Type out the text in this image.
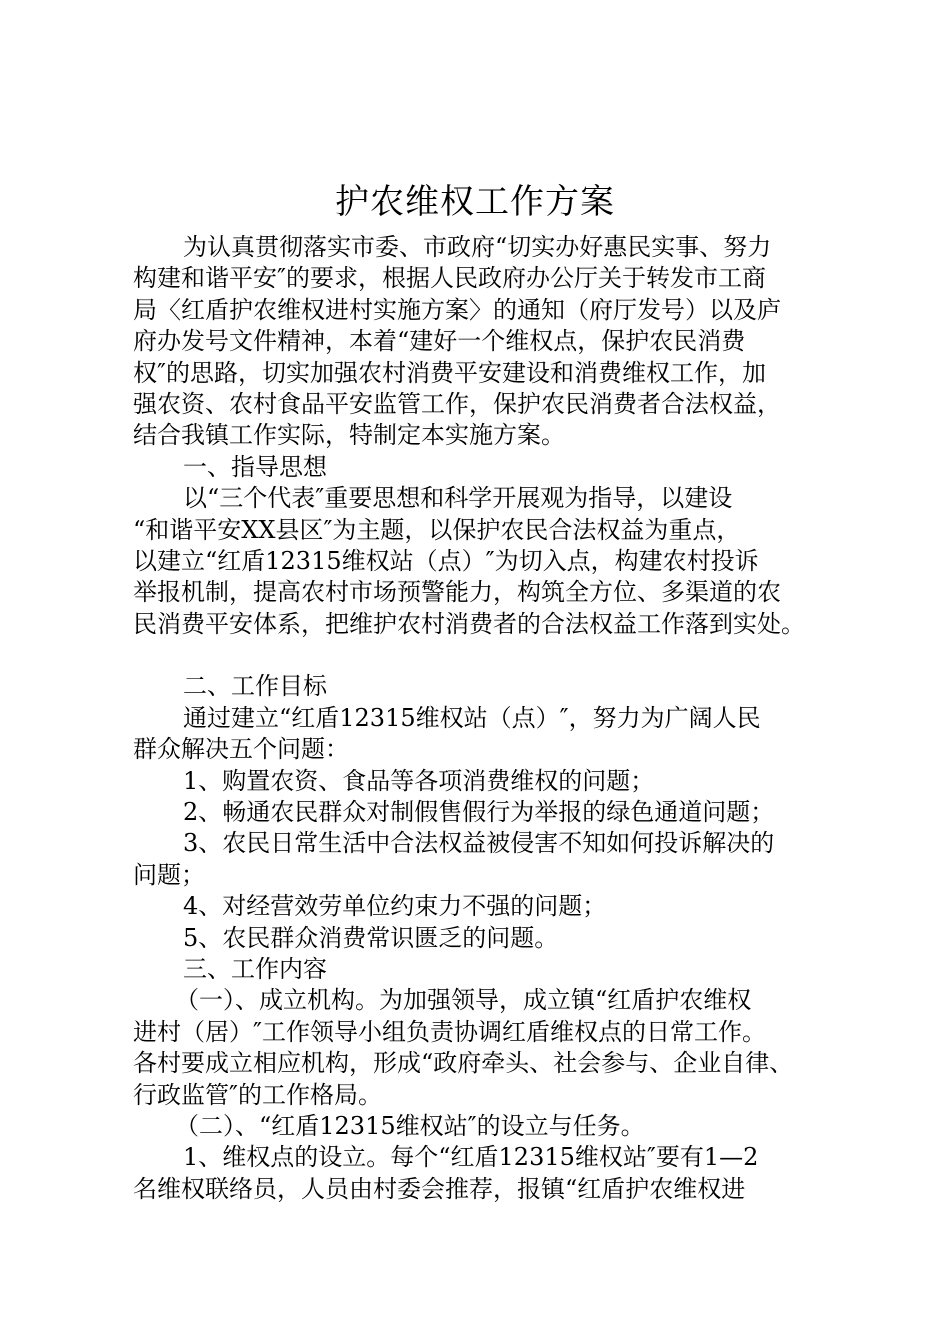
护农维权工作方案
为认真贯彻落实市委、市政府“切实办好惠民实事、努力
构建和谐平安″的要求，根据人民政府办公厅关于转发市工商
局〈红盾护农维权进村实施方案〉的通知（府厅发号）以及庐
府办发号文件精神，本着“建好一个维权点，保护农民消费
权″的思路，切实加强农村消费平安建设和消费维权工作，加
强农资、农村食品平安监管工作，保护农民消费者合法权益，
结合我镇工作实际，特制定本实施方案。
一、指导思想
以“三个代表″重要思想和科学开展观为指导，以建设
“和谐平安XX县区″为主题，以保护农民合法权益为重点，
以建立“红盾12315维权站（点）″为切入点，构建农村投诉
举报机制，提高农村市场预警能力，构筑全方位、多渠道的农
民消费平安体系，把维护农村消费者的合法权益工作落到实处。
二、工作目标
通过建立“红盾12315维权站（点）″，努力为广阔人民
群众解决五个问题：
1、购置农资、食品等各项消费维权的问题；
2、畅通农民群众对制假售假行为举报的绿色通道问题；
3、农民日常生活中合法权益被侵害不知如何投诉解决的
问题；
4、对经营效劳单位约束力不强的问题；
5、农民群众消费常识匮乏的问题。
三、工作内容
（一）、成立机构。为加强领导，成立镇“红盾护农维权
进村（居）″工作领导小组负责协调红盾维权点的日常工作。
各村要成立相应机构，形成“政府牵头、社会参与、企业自律、
行政监管″的工作格局。
（二）、“红盾12315维权站″的设立与任务。
1、维权点的设立。每个“红盾12315维权站″要有1—2
名维权联络员，人员由村委会推荐，报镇“红盾护农维权进
